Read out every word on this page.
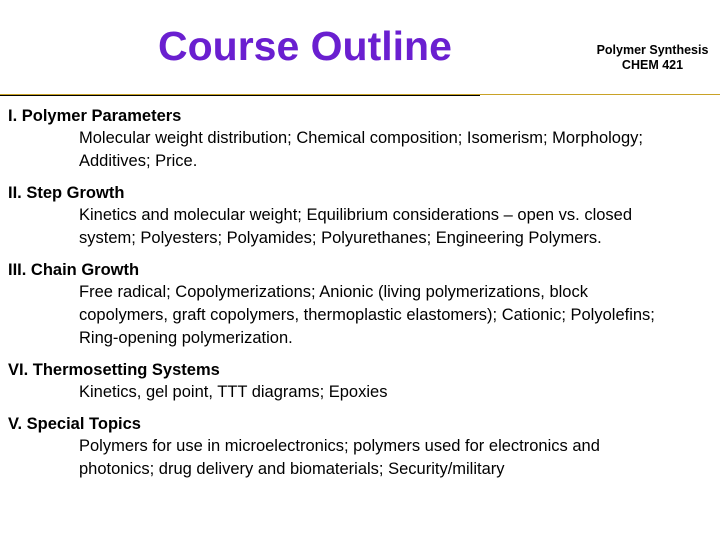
Course Outline	Polymer Synthesis
CHEM 421
I. Polymer Parameters
Molecular weight distribution; Chemical composition; Isomerism; Morphology;
Additives; Price.
II. Step Growth
Kinetics and molecular weight; Equilibrium considerations – open vs. closed
system; Polyesters; Polyamides; Polyurethanes; Engineering Polymers.
III. Chain Growth
Free radical; Copolymerizations; Anionic (living polymerizations, block
copolymers, graft copolymers, thermoplastic elastomers); Cationic; Polyolefins;
Ring-opening polymerization.
VI. Thermosetting Systems
Kinetics, gel point, TTT diagrams; Epoxies
V. Special Topics
Polymers for use in microelectronics; polymers used for electronics and
photonics; drug delivery and biomaterials; Security/military
